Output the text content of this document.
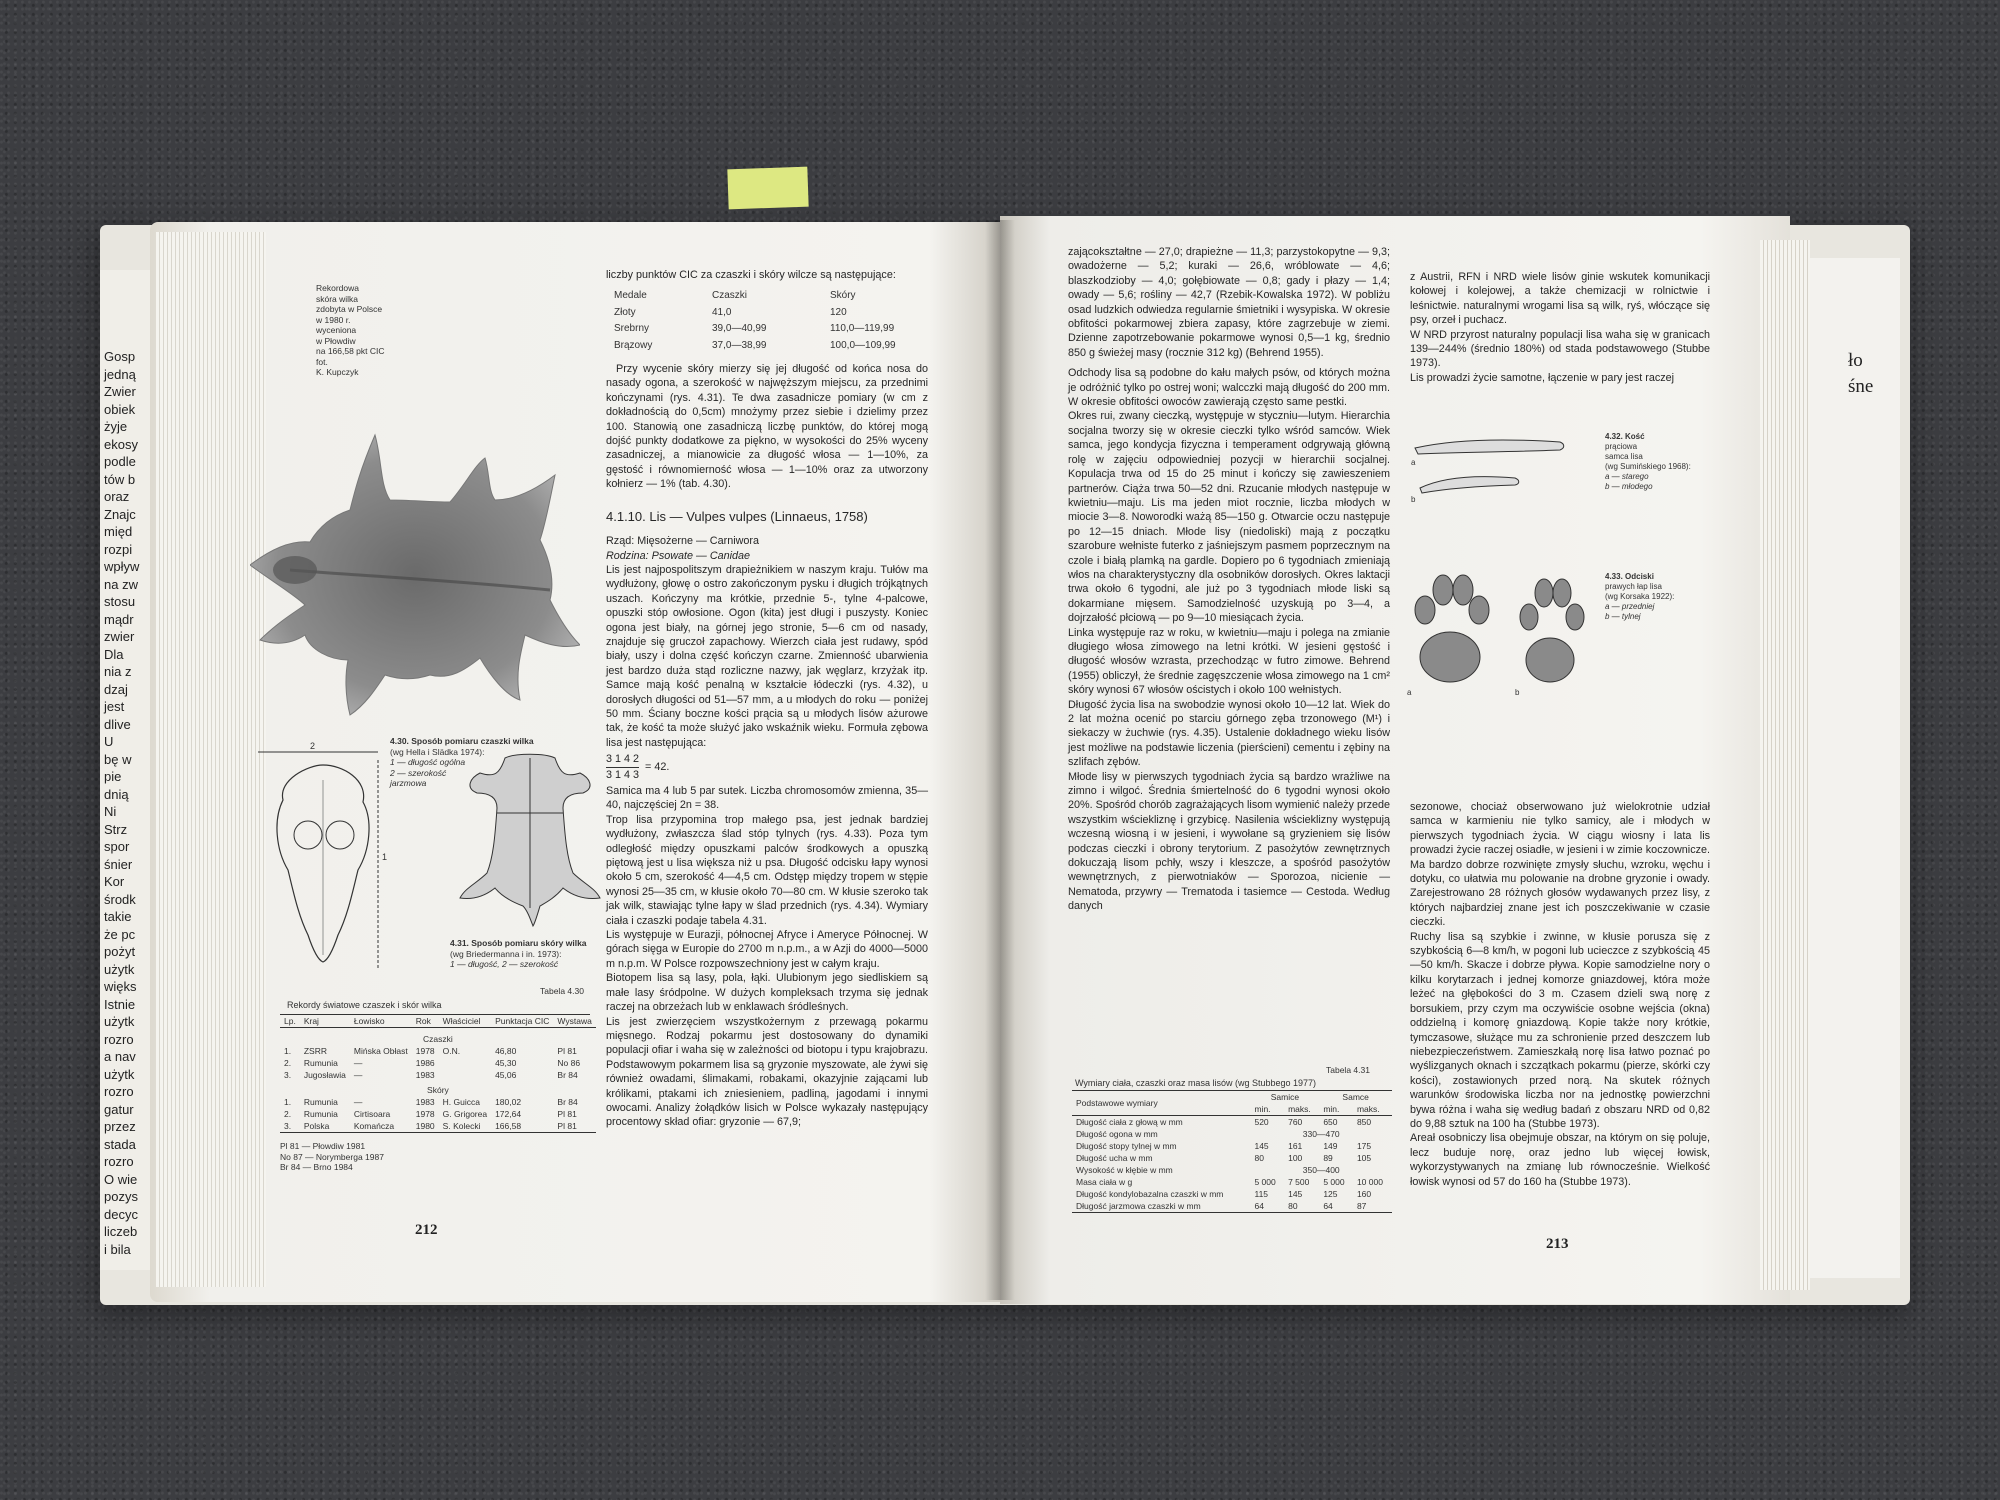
Gosp
jedną
Zwier
obiek
żyje
ekosy
podle
tów b
oraz
Znajc
międ
rozpi
wpływ
na zw
stosu
mądr
zwier
Dla
nia z
dzaj
jest
dlive
U
bę w
pie
dnią
Ni
Strz
spor
śnier
Kor
środk
takie
że pc
pożyt
użytk
więks
Istnie
użytk
rozro
a nav
użytk
rozro
gatur
przez
stada
rozro
O wie
pozys
decyc
liczeb
i bila
ło
śne
Rekordowa
skóra wilka
zdobyta w Polsce
w 1980 r.
wyceniona
w Płowdiw
na 166,58 pkt CIC
fot.
K. Kupczyk
2
1
4.30. Sposób pomiaru czaszki wilka
(wg Hella i Slädka 1974):
1 — długość ogólna
2 — szerokość
jarzmowa
4.31. Sposób pomiaru skóry wilka
(wg Briedermanna i in. 1973):
1 — długość, 2 — szerokość
Tabela 4.30
Rekordy światowe czaszek i skór wilka
Lp.	Kraj	Łowisko	Rok	Właściciel	Punktacja CIC	Wystawa
Czaszki						
1.	ZSRR	Mińska Obłast	1978	O.N.	46,80	Pl 81
2.	Rumunia	—	1986		45,30	No 86
3.	Jugosławia	—	1983		45,06	Br 84
Skóry						
1.	Rumunia	—	1983	H. Guicca	180,02	Br 84
2.	Rumunia	Cirtisoara	1978	G. Grigorea	172,64	Pl 81
3.	Polska	Komańcza	1980	S. Kolecki	166,58	Pl 81
Pl 81 — Płowdiw 1981
No 87 — Norymberga 1987
Br 84 — Brno 1984
212

liczby punktów CIC za czaszki i skóry wilcze są następujące:

Medale	Czaszki	Skóry
Złoty	41,0	120
Srebrny	39,0—40,99	110,0—119,99
Brązowy	37,0—38,99	100,0—109,99

Przy wycenie skóry mierzy się jej długość od końca nosa do nasady ogona, a szerokość w najwęższym miejscu, za przednimi kończynami (rys. 4.31). Te dwa zasadnicze pomiary (w cm z dokładnością do 0,5cm) mnożymy przez siebie i dzielimy przez 100. Stanowią one zasadniczą liczbę punktów, do której mogą dojść punkty dodatkowe za piękno, w wysokości do 25% wyceny zasadniczej, a mianowicie za długość włosa — 1—10%, za gęstość i równomierność włosa — 1—10% oraz za utworzony kołnierz — 1% (tab. 4.30).

4.1.10. Lis — Vulpes vulpes (Linnaeus, 1758)

Rząd: Mięsożerne — Carniwora

Rodzina: Psowate — Canidae

Lis jest najpospolitszym drapieżnikiem w naszym kraju. Tułów ma wydłużony, głowę o ostro zakończonym pysku i długich trójkątnych uszach. Kończyny ma krótkie, przednie 5-, tylne 4-palcowe, opuszki stóp owłosione. Ogon (kita) jest długi i puszysty. Koniec ogona jest biały, na górnej jego stronie, 5—6 cm od nasady, znajduje się gruczoł zapachowy. Wierzch ciała jest rudawy, spód biały, uszy i dolna część kończyn czarne. Zmienność ubarwienia jest bardzo duża stąd rozliczne nazwy, jak węglarz, krzyżak itp. Samce mają kość penalną w kształcie łódeczki (rys. 4.32), u dorosłych długości od 51—57 mm, a u młodych do roku — poniżej 50 mm. Ściany boczne kości prącia są u młodych lisów ażurowe tak, że kość ta może służyć jako wskaźnik wieku. Formuła zębowa lisa jest następująca:

$\frac{3 1 4 2}{3 1 4 3} = 42$.

Samica ma 4 lub 5 par sutek. Liczba chromosomów zmienna, 35—40, najczęściej 2n = 38.

Trop lisa przypomina trop małego psa, jest jednak bardziej wydłużony, zwłaszcza ślad stóp tylnych (rys. 4.33). Poza tym odległość między opuszkami palców środkowych a opuszką piętową jest u lisa większa niż u psa. Długość odcisku łapy wynosi około 5 cm, szerokość 4—4,5 cm. Odstęp między tropem w stępie wynosi 25—35 cm, w kłusie około 70—80 cm. W kłusie szeroko tak jak wilk, stawiając tylne łapy w ślad przednich (rys. 4.34). Wymiary ciała i czaszki podaje tabela 4.31.

Lis występuje w Eurazji, północnej Afryce i Ameryce Północnej. W górach sięga w Europie do 2700 m n.p.m., a w Azji do 4000—5000 m n.p.m. W Polsce rozpowszechniony jest w całym kraju.

Biotopem lisa są lasy, pola, łąki. Ulubionym jego siedliskiem są małe lasy śródpolne. W dużych kompleksach trzyma się jednak raczej na obrzeżach lub w enklawach śródleśnych.

Lis jest zwierzęciem wszystkożernym z przewagą pokarmu mięsnego. Rodzaj pokarmu jest dostosowany do dynamiki populacji ofiar i waha się w zależności od biotopu i typu krajobrazu. Podstawowym pokarmem lisa są gryzonie myszowate, ale żywi się również owadami, ślimakami, robakami, okazyjnie zającami lub królikami, ptakami ich zniesieniem, padliną, jagodami i innymi owocami. Analizy żołądków lisich w Polsce wykazały następujący procentowy skład ofiar: gryzonie — 67,9;

zającokształtne — 27,0; drapieżne — 11,3; parzystokopytne — 9,3; owadożerne — 5,2; kuraki — 26,6, wróblowate — 4,6; blaszkodzioby — 4,0; gołębiowate — 0,8; gady i płazy — 1,4; owady — 5,6; rośliny — 42,7 (Rzebik-Kowalska 1972). W pobliżu osad ludzkich odwiedza regularnie śmietniki i wysypiska. W okresie obfitości pokarmowej zbiera zapasy, które zagrzebuje w ziemi. Dzienne zapotrzebowanie pokarmowe wynosi 0,5—1 kg, średnio 850 g świeżej masy (rocznie 312 kg) (Behrend 1955).

Odchody lisa są podobne do kału małych psów, od których można je odróżnić tylko po ostrej woni; walcczki mają długość do 200 mm. W okresie obfitości owoców zawierają często same pestki.

Okres rui, zwany cieczką, występuje w styczniu—lutym. Hierarchia socjalna tworzy się w okresie cieczki tylko wśród samców. Wiek samca, jego kondycja fizyczna i temperament odgrywają główną rolę w zajęciu odpowiedniej pozycji w hierarchii socjalnej. Kopulacja trwa od 15 do 25 minut i kończy się zawieszeniem partnerów. Ciąża trwa 50—52 dni. Rzucanie młodych następuje w kwietniu—maju. Lis ma jeden miot rocznie, liczba młodych w miocie 3—8. Noworodki ważą 85—150 g. Otwarcie oczu następuje po 12—15 dniach. Młode lisy (niedoliski) mają z początku szarobure wełniste futerko z jaśniejszym pasmem poprzecznym na czole i białą plamką na gardle. Dopiero po 6 tygodniach zmieniają włos na charakterystyczny dla osobników dorosłych. Okres laktacji trwa około 6 tygodni, ale już po 3 tygodniach młode liski są dokarmiane mięsem. Samodzielność uzyskują po 3—4, a dojrzałość płciową — po 9—10 miesiącach życia.

Linka występuje raz w roku, w kwietniu—maju i polega na zmianie długiego włosa zimowego na letni krótki. W jesieni gęstość i długość włosów wzrasta, przechodząc w futro zimowe. Behrend (1955) obliczył, że średnie zagęszczenie włosa zimowego na 1 cm² skóry wynosi 67 włosów ościstych i około 100 wełnistych.

Długość życia lisa na swobodzie wynosi około 10—12 lat. Wiek do 2 lat można ocenić po starciu górnego zęba trzonowego (M¹) i siekaczy w żuchwie (rys. 4.35). Ustalenie dokładnego wieku lisów jest możliwe na podstawie liczenia (pierścieni) cementu i zębiny na szlifach zębów.

Młode lisy w pierwszych tygodniach życia są bardzo wrażliwe na zimno i wilgoć. Średnia śmiertelność do 6 tygodni wynosi około 20%. Spośród chorób zagrażających lisom wymienić należy przede wszystkim wściekliznę i grzybicę. Nasilenia wścieklizny występują wczesną wiosną i w jesieni, i wywołane są gryzieniem się lisów podczas cieczki i obrony terytorium. Z pasożytów zewnętrznych dokuczają lisom pchły, wszy i kleszcze, a spośród pasożytów wewnętrznych, z pierwotniaków — Sporozoa, nicienie — Nematoda, przywry — Trematoda i tasiemce — Cestoda. Według danych

Tabela 4.31
Wymiary ciała, czaszki oraz masa lisów (wg Stubbego 1977)
Podstawowe wymiary	Samice		Samce	
	min.	maks.	min.	maks.
Długość ciała z głową w mm	520	760	650	850
Długość ogona w mm	330—470			
Długość stopy tylnej w mm	145	161	149	175
Długość ucha w mm	80	100	89	105
Wysokość w kłębie w mm	350—400			
Masa ciała w g	5 000	7 500	5 000	10 000
Długość kondylobazalna czaszki w mm	115	145	125	160
Długość jarzmowa czaszki w mm	64	80	64	87

z Austrii, RFN i NRD wiele lisów ginie wskutek komunikacji kołowej i kolejowej, a także chemizacji w rolnictwie i leśnictwie. naturalnymi wrogami lisa są wilk, ryś, włóczące się psy, orzeł i puchacz.

W NRD przyrost naturalny populacji lisa waha się w granicach 139—244% (średnio 180%) od stada podstawowego (Stubbe 1973).

Lis prowadzi życie samotne, łączenie w pary jest raczej

a
b
4.32. Kość
prąciowa
samca lisa
(wg Sumińskiego 1968):
a — starego
b — młodego
a	b
4.33. Odciski
prawych łap lisa
(wg Korsaka 1922):
a — przedniej
b — tylnej

sezonowe, chociaż obserwowano już wielokrotnie udział samca w karmieniu nie tylko samicy, ale i młodych w pierwszych tygodniach życia. W ciągu wiosny i lata lis prowadzi życie raczej osiadłe, w jesieni i w zimie koczownicze. Ma bardzo dobrze rozwinięte zmysły słuchu, wzroku, węchu i dotyku, co ułatwia mu polowanie na drobne gryzonie i owady. Zarejestrowano 28 różnych głosów wydawanych przez lisy, z których najbardziej znane jest ich poszczekiwanie w czasie cieczki.

Ruchy lisa są szybkie i zwinne, w kłusie porusza się z szybkością 6—8 km/h, w pogoni lub ucieczce z szybkością 45—50 km/h. Skacze i dobrze pływa. Kopie samodzielne nory o kilku korytarzach i jednej komorze gniazdowej, która może leżeć na głębokości do 3 m. Czasem dzieli swą norę z borsukiem, przy czym ma oczywiście osobne wejścia (okna) oddzielną i komorę gniazdową. Kopie także nory krótkie, tymczasowe, służące mu za schronienie przed deszczem lub niebezpieczeństwem. Zamieszkałą norę lisa łatwo poznać po wyślizganych oknach i szczątkach pokarmu (pierze, skórki czy kości), zostawionych przed norą. Na skutek różnych warunków środowiska liczba nor na jednostkę powierzchni bywa różna i waha się według badań z obszaru NRD od 0,82 do 9,88 sztuk na 100 ha (Stubbe 1973).

Areał osobniczy lisa obejmuje obszar, na którym on się poluje, lecz buduje norę, oraz jedno lub więcej łowisk, wykorzystywanych na zmianę lub równocześnie. Wielkość łowisk wynosi od 57 do 160 ha (Stubbe 1973).

213
